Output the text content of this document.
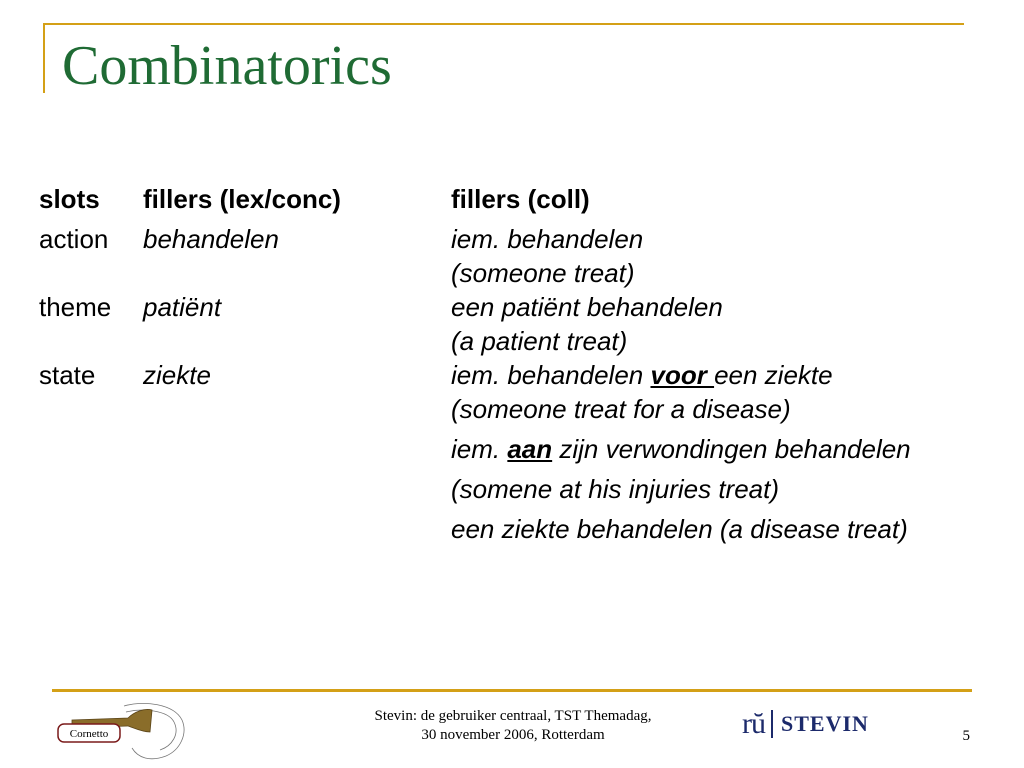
Combinatorics
slots	fillers (lex/conc)	fillers (coll)
action	behandelen	iem. behandelen
(someone treat)

theme	patiënt	een patiënt behandelen
(a patient treat)

state	ziekte	iem. behandelen voor een ziekte
(someone treat for a disease)
iem. aan zijn verwondingen behandelen
(somene at his injuries treat)
een ziekte behandelen (a disease treat)
Cornetto
Stevin: de gebruiker centraal, TST Themadag,
30 november 2006, Rotterdam	rŭ STEVIN	5
